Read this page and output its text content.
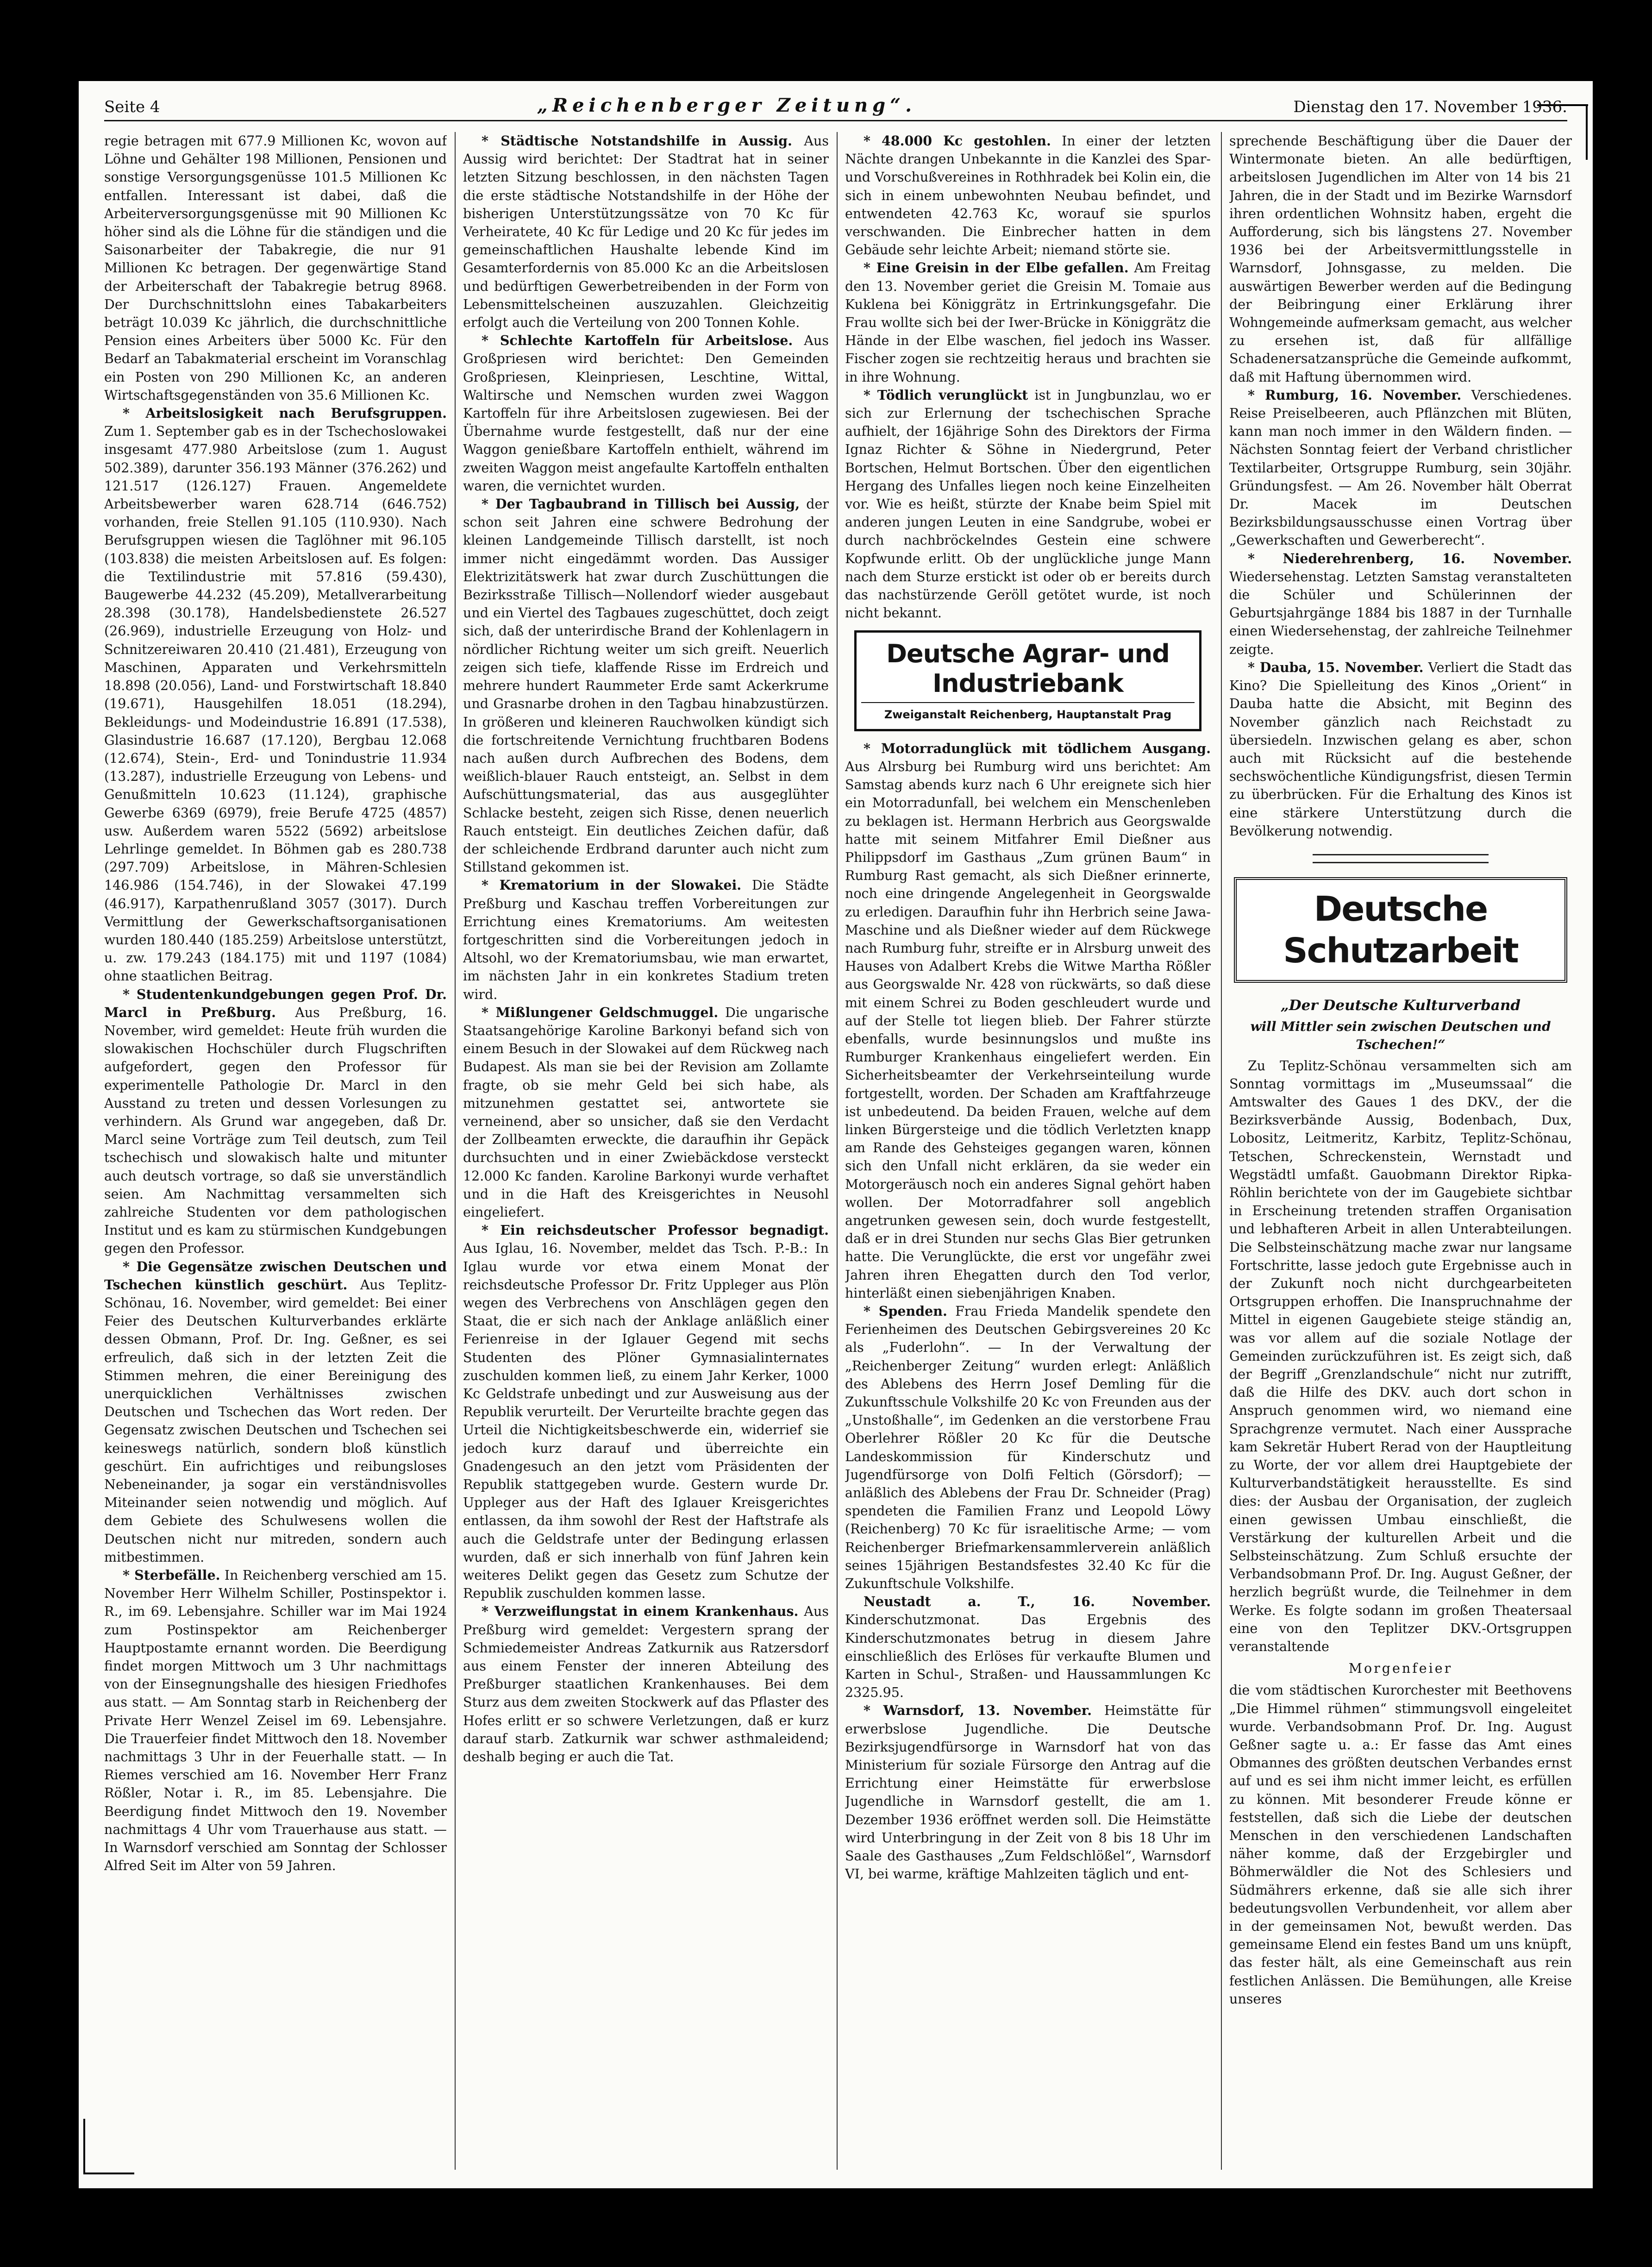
Seite 4	„Reichenberger Zeitung“.	Dienstag den 17. November 1936.

regie betragen mit 677.9 Millionen Kc, wovon auf Löhne und Gehälter 198 Millionen, Pensionen und sonstige Versorgungsgenüsse 101.5 Millionen Kc entfallen. Interessant ist dabei, daß die Arbeiterversorgungsgenüsse mit 90 Millionen Kc höher sind als die Löhne für die ständigen und die Saisonarbeiter der Tabakregie, die nur 91 Millionen Kc betragen. Der gegenwärtige Stand der Arbeiterschaft der Tabakregie betrug 8968. Der Durchschnittslohn eines Tabakarbeiters beträgt 10.039 Kc jährlich, die durchschnittliche Pension eines Arbeiters über 5000 Kc. Für den Bedarf an Tabakmaterial erscheint im Voranschlag ein Posten von 290 Millionen Kc, an anderen Wirtschaftsgegenständen von 35.6 Millionen Kc.

* Arbeitslosigkeit nach Berufsgruppen. Zum 1. September gab es in der Tschechoslowakei insgesamt 477.980 Arbeitslose (zum 1. August 502.389), darunter 356.193 Männer (376.262) und 121.517 (126.127) Frauen. Angemeldete Arbeitsbewerber waren 628.714 (646.752) vorhanden, freie Stellen 91.105 (110.930). Nach Berufsgruppen wiesen die Taglöhner mit 96.105 (103.838) die meisten Arbeitslosen auf. Es folgen: die Textilindustrie mit 57.816 (59.430), Baugewerbe 44.232 (45.209), Metallverarbeitung 28.398 (30.178), Handelsbedienstete 26.527 (26.969), industrielle Erzeugung von Holz- und Schnitzereiwaren 20.410 (21.481), Erzeugung von Maschinen, Apparaten und Verkehrsmitteln 18.898 (20.056), Land- und Forstwirtschaft 18.840 (19.671), Hausgehilfen 18.051 (18.294), Bekleidungs- und Modeindustrie 16.891 (17.538), Glasindustrie 16.687 (17.120), Bergbau 12.068 (12.674), Stein-, Erd- und Tonindustrie 11.934 (13.287), industrielle Erzeugung von Lebens- und Genußmitteln 10.623 (11.124), graphische Gewerbe 6369 (6979), freie Berufe 4725 (4857) usw. Außerdem waren 5522 (5692) arbeitslose Lehrlinge gemeldet. In Böhmen gab es 280.738 (297.709) Arbeitslose, in Mähren-Schlesien 146.986 (154.746), in der Slowakei 47.199 (46.917), Karpathenrußland 3057 (3017). Durch Vermittlung der Gewerkschaftsorganisationen wurden 180.440 (185.259) Arbeitslose unterstützt, u. zw. 179.243 (184.175) mit und 1197 (1084) ohne staatlichen Beitrag.

* Studentenkundgebungen gegen Prof. Dr. Marcl in Preßburg. Aus Preßburg, 16. November, wird gemeldet: Heute früh wurden die slowakischen Hochschüler durch Flugschriften aufgefordert, gegen den Professor für experimentelle Pathologie Dr. Marcl in den Ausstand zu treten und dessen Vorlesungen zu verhindern. Als Grund war angegeben, daß Dr. Marcl seine Vorträge zum Teil deutsch, zum Teil tschechisch und slowakisch halte und mitunter auch deutsch vortrage, so daß sie unverständlich seien. Am Nachmittag versammelten sich zahlreiche Studenten vor dem pathologischen Institut und es kam zu stürmischen Kundgebungen gegen den Professor.

* Die Gegensätze zwischen Deutschen und Tschechen künstlich geschürt. Aus Teplitz-Schönau, 16. November, wird gemeldet: Bei einer Feier des Deutschen Kulturverbandes erklärte dessen Obmann, Prof. Dr. Ing. Geßner, es sei erfreulich, daß sich in der letzten Zeit die Stimmen mehren, die einer Bereinigung des unerquicklichen Verhältnisses zwischen Deutschen und Tschechen das Wort reden. Der Gegensatz zwischen Deutschen und Tschechen sei keineswegs natürlich, sondern bloß künstlich geschürt. Ein aufrichtiges und reibungsloses Nebeneinander, ja sogar ein verständnisvolles Miteinander seien notwendig und möglich. Auf dem Gebiete des Schulwesens wollen die Deutschen nicht nur mitreden, sondern auch mitbestimmen.

* Sterbefälle. In Reichenberg verschied am 15. November Herr Wilhelm Schiller, Postinspektor i. R., im 69. Lebensjahre. Schiller war im Mai 1924 zum Postinspektor am Reichenberger Hauptpostamte ernannt worden. Die Beerdigung findet morgen Mittwoch um 3 Uhr nachmittags von der Einsegnungshalle des hiesigen Friedhofes aus statt. — Am Sonntag starb in Reichenberg der Private Herr Wenzel Zeisel im 69. Lebensjahre. Die Trauerfeier findet Mittwoch den 18. November nachmittags 3 Uhr in der Feuerhalle statt. — In Riemes verschied am 16. November Herr Franz Rößler, Notar i. R., im 85. Lebensjahre. Die Beerdigung findet Mittwoch den 19. November nachmittags 4 Uhr vom Trauerhause aus statt. — In Warnsdorf verschied am Sonntag der Schlosser Alfred Seit im Alter von 59 Jahren.

* Städtische Notstandshilfe in Aussig. Aus Aussig wird berichtet: Der Stadtrat hat in seiner letzten Sitzung beschlossen, in den nächsten Tagen die erste städtische Notstandshilfe in der Höhe der bisherigen Unterstützungssätze von 70 Kc für Verheiratete, 40 Kc für Ledige und 20 Kc für jedes im gemeinschaftlichen Haushalte lebende Kind im Gesamterfordernis von 85.000 Kc an die Arbeitslosen und bedürftigen Gewerbetreibenden in der Form von Lebensmittelscheinen auszuzahlen. Gleichzeitig erfolgt auch die Verteilung von 200 Tonnen Kohle.

* Schlechte Kartoffeln für Arbeitslose. Aus Großpriesen wird berichtet: Den Gemeinden Großpriesen, Kleinpriesen, Leschtine, Wittal, Waltirsche und Nemschen wurden zwei Waggon Kartoffeln für ihre Arbeitslosen zugewiesen. Bei der Übernahme wurde festgestellt, daß nur der eine Waggon genießbare Kartoffeln enthielt, während im zweiten Waggon meist angefaulte Kartoffeln enthalten waren, die vernichtet wurden.

* Der Tagbaubrand in Tillisch bei Aussig, der schon seit Jahren eine schwere Bedrohung der kleinen Landgemeinde Tillisch darstellt, ist noch immer nicht eingedämmt worden. Das Aussiger Elektrizitätswerk hat zwar durch Zuschüttungen die Bezirksstraße Tillisch—Nollendorf wieder ausgebaut und ein Viertel des Tagbaues zugeschüttet, doch zeigt sich, daß der unterirdische Brand der Kohlenlagern in nördlicher Richtung weiter um sich greift. Neuerlich zeigen sich tiefe, klaffende Risse im Erdreich und mehrere hundert Raummeter Erde samt Ackerkrume und Grasnarbe drohen in den Tagbau hinabzustürzen. In größeren und kleineren Rauchwolken kündigt sich die fortschreitende Vernichtung fruchtbaren Bodens nach außen durch Aufbrechen des Bodens, dem weißlich-blauer Rauch entsteigt, an. Selbst in dem Aufschüttungsmaterial, das aus ausgeglühter Schlacke besteht, zeigen sich Risse, denen neuerlich Rauch entsteigt. Ein deutliches Zeichen dafür, daß der schleichende Erdbrand darunter auch nicht zum Stillstand gekommen ist.

* Krematorium in der Slowakei. Die Städte Preßburg und Kaschau treffen Vorbereitungen zur Errichtung eines Krematoriums. Am weitesten fortgeschritten sind die Vorbereitungen jedoch in Altsohl, wo der Krematoriumsbau, wie man erwartet, im nächsten Jahr in ein konkretes Stadium treten wird.

* Mißlungener Geldschmuggel. Die ungarische Staatsangehörige Karoline Barkonyi befand sich von einem Besuch in der Slowakei auf dem Rückweg nach Budapest. Als man sie bei der Revision am Zollamte fragte, ob sie mehr Geld bei sich habe, als mitzunehmen gestattet sei, antwortete sie verneinend, aber so unsicher, daß sie den Verdacht der Zollbeamten erweckte, die daraufhin ihr Gepäck durchsuchten und in einer Zwiebäckdose versteckt 12.000 Kc fanden. Karoline Barkonyi wurde verhaftet und in die Haft des Kreisgerichtes in Neusohl eingeliefert.

* Ein reichsdeutscher Professor begnadigt. Aus Iglau, 16. November, meldet das Tsch. P.-B.: In Iglau wurde vor etwa einem Monat der reichsdeutsche Professor Dr. Fritz Uppleger aus Plön wegen des Verbrechens von Anschlägen gegen den Staat, die er sich nach der Anklage anläßlich einer Ferienreise in der Iglauer Gegend mit sechs Studenten des Plöner Gymnasialinternates zuschulden kommen ließ, zu einem Jahr Kerker, 1000 Kc Geldstrafe unbedingt und zur Ausweisung aus der Republik verurteilt. Der Verurteilte brachte gegen das Urteil die Nichtigkeitsbeschwerde ein, widerrief sie jedoch kurz darauf und überreichte ein Gnadengesuch an den jetzt vom Präsidenten der Republik stattgegeben wurde. Gestern wurde Dr. Uppleger aus der Haft des Iglauer Kreisgerichtes entlassen, da ihm sowohl der Rest der Haftstrafe als auch die Geldstrafe unter der Bedingung erlassen wurden, daß er sich innerhalb von fünf Jahren kein weiteres Delikt gegen das Gesetz zum Schutze der Republik zuschulden kommen lasse.

* Verzweiflungstat in einem Krankenhaus. Aus Preßburg wird gemeldet: Vergestern sprang der Schmiedemeister Andreas Zatkurnik aus Ratzersdorf aus einem Fenster der inneren Abteilung des Preßburger staatlichen Krankenhauses. Bei dem Sturz aus dem zweiten Stockwerk auf das Pflaster des Hofes erlitt er so schwere Verletzungen, daß er kurz darauf starb. Zatkurnik war schwer asthmaleidend; deshalb beging er auch die Tat.

* 48.000 Kc gestohlen. In einer der letzten Nächte drangen Unbekannte in die Kanzlei des Spar- und Vorschußvereines in Rothhradek bei Kolin ein, die sich in einem unbewohnten Neubau befindet, und entwendeten 42.763 Kc, worauf sie spurlos verschwanden. Die Einbrecher hatten in dem Gebäude sehr leichte Arbeit; niemand störte sie.

* Eine Greisin in der Elbe gefallen. Am Freitag den 13. November geriet die Greisin M. Tomaie aus Kuklena bei Königgrätz in Ertrinkungsgefahr. Die Frau wollte sich bei der Iwer-Brücke in Königgrätz die Hände in der Elbe waschen, fiel jedoch ins Wasser. Fischer zogen sie rechtzeitig heraus und brachten sie in ihre Wohnung.

* Tödlich verunglückt ist in Jungbunzlau, wo er sich zur Erlernung der tschechischen Sprache aufhielt, der 16jährige Sohn des Direktors der Firma Ignaz Richter & Söhne in Niedergrund, Peter Bortschen, Helmut Bortschen. Über den eigentlichen Hergang des Unfalles liegen noch keine Einzelheiten vor. Wie es heißt, stürzte der Knabe beim Spiel mit anderen jungen Leuten in eine Sandgrube, wobei er durch nachbröckelndes Gestein eine schwere Kopfwunde erlitt. Ob der unglückliche junge Mann nach dem Sturze erstickt ist oder ob er bereits durch das nachstürzende Geröll getötet wurde, ist noch nicht bekannt.

Deutsche Agrar- und Industriebank
Zweiganstalt Reichenberg, Hauptanstalt Prag

* Motorradunglück mit tödlichem Ausgang. Aus Alrsburg bei Rumburg wird uns berichtet: Am Samstag abends kurz nach 6 Uhr ereignete sich hier ein Motorradunfall, bei welchem ein Menschenleben zu beklagen ist. Hermann Herbrich aus Georgswalde hatte mit seinem Mitfahrer Emil Dießner aus Philippsdorf im Gasthaus „Zum grünen Baum“ in Rumburg Rast gemacht, als sich Dießner erinnerte, noch eine dringende Angelegenheit in Georgswalde zu erledigen. Daraufhin fuhr ihn Herbrich seine Jawa-Maschine und als Dießner wieder auf dem Rückwege nach Rumburg fuhr, streifte er in Alrsburg unweit des Hauses von Adalbert Krebs die Witwe Martha Rößler aus Georgswalde Nr. 428 von rückwärts, so daß diese mit einem Schrei zu Boden geschleudert wurde und auf der Stelle tot liegen blieb. Der Fahrer stürzte ebenfalls, wurde besinnungslos und mußte ins Rumburger Krankenhaus eingeliefert werden. Ein Sicherheitsbeamter der Verkehrseinteilung wurde fortgestellt, worden. Der Schaden am Kraftfahrzeuge ist unbedeutend. Da beiden Frauen, welche auf dem linken Bürgersteige und die tödlich Verletzten knapp am Rande des Gehsteiges gegangen waren, können sich den Unfall nicht erklären, da sie weder ein Motorgeräusch noch ein anderes Signal gehört haben wollen. Der Motorradfahrer soll angeblich angetrunken gewesen sein, doch wurde festgestellt, daß er in drei Stunden nur sechs Glas Bier getrunken hatte. Die Verunglückte, die erst vor ungefähr zwei Jahren ihren Ehegatten durch den Tod verlor, hinterläßt einen siebenjährigen Knaben.

* Spenden. Frau Frieda Mandelik spendete den Ferienheimen des Deutschen Gebirgsvereines 20 Kc als „Fuderlohn“. — In der Verwaltung der „Reichenberger Zeitung“ wurden erlegt: Anläßlich des Ablebens des Herrn Josef Demling für die Zukunftsschule Volkshilfe 20 Kc von Freunden aus der „Unstoßhalle“, im Gedenken an die verstorbene Frau Oberlehrer Rößler 20 Kc für die Deutsche Landeskommission für Kinderschutz und Jugendfürsorge von Dolfi Feltich (Görsdorf); — anläßlich des Ablebens der Frau Dr. Schneider (Prag) spendeten die Familien Franz und Leopold Löwy (Reichenberg) 70 Kc für israelitische Arme; — vom Reichenberger Briefmarkensammlerverein anläßlich seines 15jährigen Bestandsfestes 32.40 Kc für die Zukunftschule Volkshilfe.

Neustadt a. T., 16. November. Kinderschutzmonat. Das Ergebnis des Kinderschutzmonates betrug in diesem Jahre einschließlich des Erlöses für verkaufte Blumen und Karten in Schul-, Straßen- und Haussammlungen Kc 2325.95.

* Warnsdorf, 13. November. Heimstätte für erwerbslose Jugendliche. Die Deutsche Bezirksjugendfürsorge in Warnsdorf hat von das Ministerium für soziale Fürsorge den Antrag auf die Errichtung einer Heimstätte für erwerbslose Jugendliche in Warnsdorf gestellt, die am 1. Dezember 1936 eröffnet werden soll. Die Heimstätte wird Unterbringung in der Zeit von 8 bis 18 Uhr im Saale des Gasthauses „Zum Feldschlößel“, Warnsdorf VI, bei warme, kräftige Mahlzeiten täglich und ent-

sprechende Beschäftigung über die Dauer der Wintermonate bieten. An alle bedürftigen, arbeitslosen Jugendlichen im Alter von 14 bis 21 Jahren, die in der Stadt und im Bezirke Warnsdorf ihren ordentlichen Wohnsitz haben, ergeht die Aufforderung, sich bis längstens 27. November 1936 bei der Arbeitsvermittlungsstelle in Warnsdorf, Johnsgasse, zu melden. Die auswärtigen Bewerber werden auf die Bedingung der Beibringung einer Erklärung ihrer Wohngemeinde aufmerksam gemacht, aus welcher zu ersehen ist, daß für allfällige Schadenersatzansprüche die Gemeinde aufkommt, daß mit Haftung übernommen wird.

* Rumburg, 16. November. Verschiedenes. Reise Preiselbeeren, auch Pflänzchen mit Blüten, kann man noch immer in den Wäldern finden. — Nächsten Sonntag feiert der Verband christlicher Textilarbeiter, Ortsgruppe Rumburg, sein 30jähr. Gründungsfest. — Am 26. November hält Oberrat Dr. Macek im Deutschen Bezirksbildungsausschusse einen Vortrag über „Gewerkschaften und Gewerberecht“.

* Niederehrenberg, 16. November. Wiedersehenstag. Letzten Samstag veranstalteten die Schüler und Schülerinnen der Geburtsjahrgänge 1884 bis 1887 in der Turnhalle einen Wiedersehenstag, der zahlreiche Teilnehmer zeigte.

* Dauba, 15. November. Verliert die Stadt das Kino? Die Spielleitung des Kinos „Orient“ in Dauba hatte die Absicht, mit Beginn des November gänzlich nach Reichstadt zu übersiedeln. Inzwischen gelang es aber, schon auch mit Rücksicht auf die bestehende sechswöchentliche Kündigungsfrist, diesen Termin zu überbrücken. Für die Erhaltung des Kinos ist eine stärkere Unterstützung durch die Bevölkerung notwendig.

Deutsche Schutzarbeit

„Der Deutsche Kulturverband

will Mittler sein zwischen Deutschen und Tschechen!“

Zu Teplitz-Schönau versammelten sich am Sonntag vormittags im „Museumssaal“ die Amtswalter des Gaues 1 des DKV., der die Bezirksverbände Aussig, Bodenbach, Dux, Lobositz, Leitmeritz, Karbitz, Teplitz-Schönau, Tetschen, Schreckenstein, Wernstadt und Wegstädtl umfaßt. Gauobmann Direktor Ripka-Röhlin berichtete von der im Gaugebiete sichtbar in Erscheinung tretenden straffen Organisation und lebhafteren Arbeit in allen Unterabteilungen. Die Selbsteinschätzung mache zwar nur langsame Fortschritte, lasse jedoch gute Ergebnisse auch in der Zukunft noch nicht durchgearbeiteten Ortsgruppen erhoffen. Die Inanspruchnahme der Mittel in eigenen Gaugebiete steige ständig an, was vor allem auf die soziale Notlage der Gemeinden zurückzuführen ist. Es zeigt sich, daß der Begriff „Grenzlandschule“ nicht nur zutrifft, daß die Hilfe des DKV. auch dort schon in Anspruch genommen wird, wo niemand eine Sprachgrenze vermutet. Nach einer Aussprache kam Sekretär Hubert Rerad von der Hauptleitung zu Worte, der vor allem drei Hauptgebiete der Kulturverbandstätigkeit herausstellte. Es sind dies: der Ausbau der Organisation, der zugleich einen gewissen Umbau einschließt, die Verstärkung der kulturellen Arbeit und die Selbsteinschätzung. Zum Schluß ersuchte der Verbandsobmann Prof. Dr. Ing. August Geßner, der herzlich begrüßt wurde, die Teilnehmer in dem Werke. Es folgte sodann im großen Theatersaal eine von den Teplitzer DKV.-Ortsgruppen veranstaltende

Morgenfeier

die vom städtischen Kurorchester mit Beethovens „Die Himmel rühmen“ stimmungsvoll eingeleitet wurde. Verbandsobmann Prof. Dr. Ing. August Geßner sagte u. a.: Er fasse das Amt eines Obmannes des größten deutschen Verbandes ernst auf und es sei ihm nicht immer leicht, es erfüllen zu können. Mit besonderer Freude könne er feststellen, daß sich die Liebe der deutschen Menschen in den verschiedenen Landschaften näher komme, daß der Erzgebirgler und Böhmerwäldler die Not des Schlesiers und Südmährers erkenne, daß sie alle sich ihrer bedeutungsvollen Verbundenheit, vor allem aber in der gemeinsamen Not, bewußt werden. Das gemeinsame Elend ein festes Band um uns knüpft, das fester hält, als eine Gemeinschaft aus rein festlichen Anlässen. Die Bemühungen, alle Kreise unseres
